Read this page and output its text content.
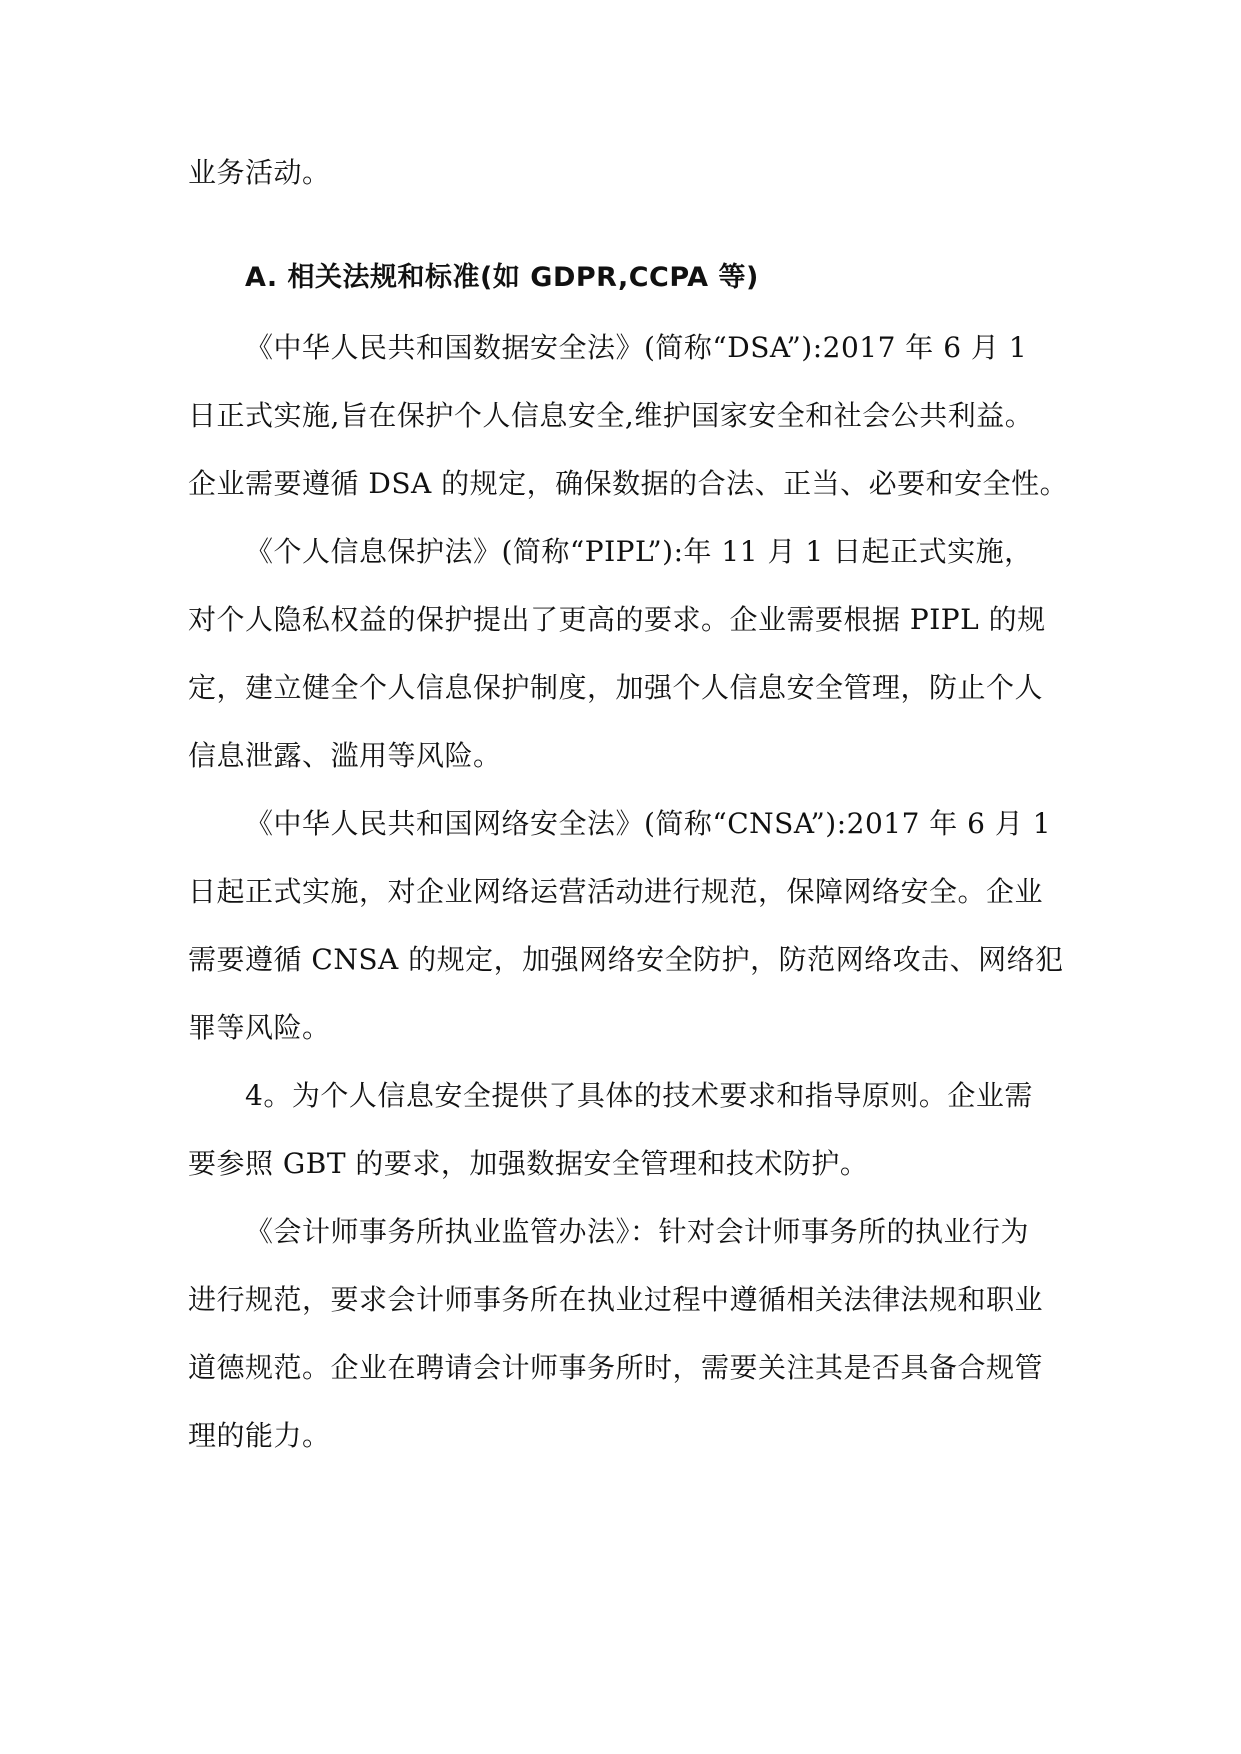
业务活动。
A. 相关法规和标准(如 GDPR,CCPA 等)
《中华人民共和国数据安全法》(简称“DSA”):2017 年 6 月 1
日正式实施,旨在保护个人信息安全,维护国家安全和社会公共利益。
企业需要遵循 DSA 的规定，确保数据的合法、正当、必要和安全性。
《个人信息保护法》(简称“PIPL”):年 11 月 1 日起正式实施，
对个人隐私权益的保护提出了更高的要求。企业需要根据 PIPL 的规
定，建立健全个人信息保护制度，加强个人信息安全管理，防止个人
信息泄露、滥用等风险。
《中华人民共和国网络安全法》(简称“CNSA”):2017 年 6 月 1
日起正式实施，对企业网络运营活动进行规范，保障网络安全。企业
需要遵循 CNSA 的规定，加强网络安全防护，防范网络攻击、网络犯
罪等风险。
4。为个人信息安全提供了具体的技术要求和指导原则。企业需
要参照 GBT 的要求，加强数据安全管理和技术防护。
《会计师事务所执业监管办法》：针对会计师事务所的执业行为
进行规范，要求会计师事务所在执业过程中遵循相关法律法规和职业
道德规范。企业在聘请会计师事务所时，需要关注其是否具备合规管
理的能力。
